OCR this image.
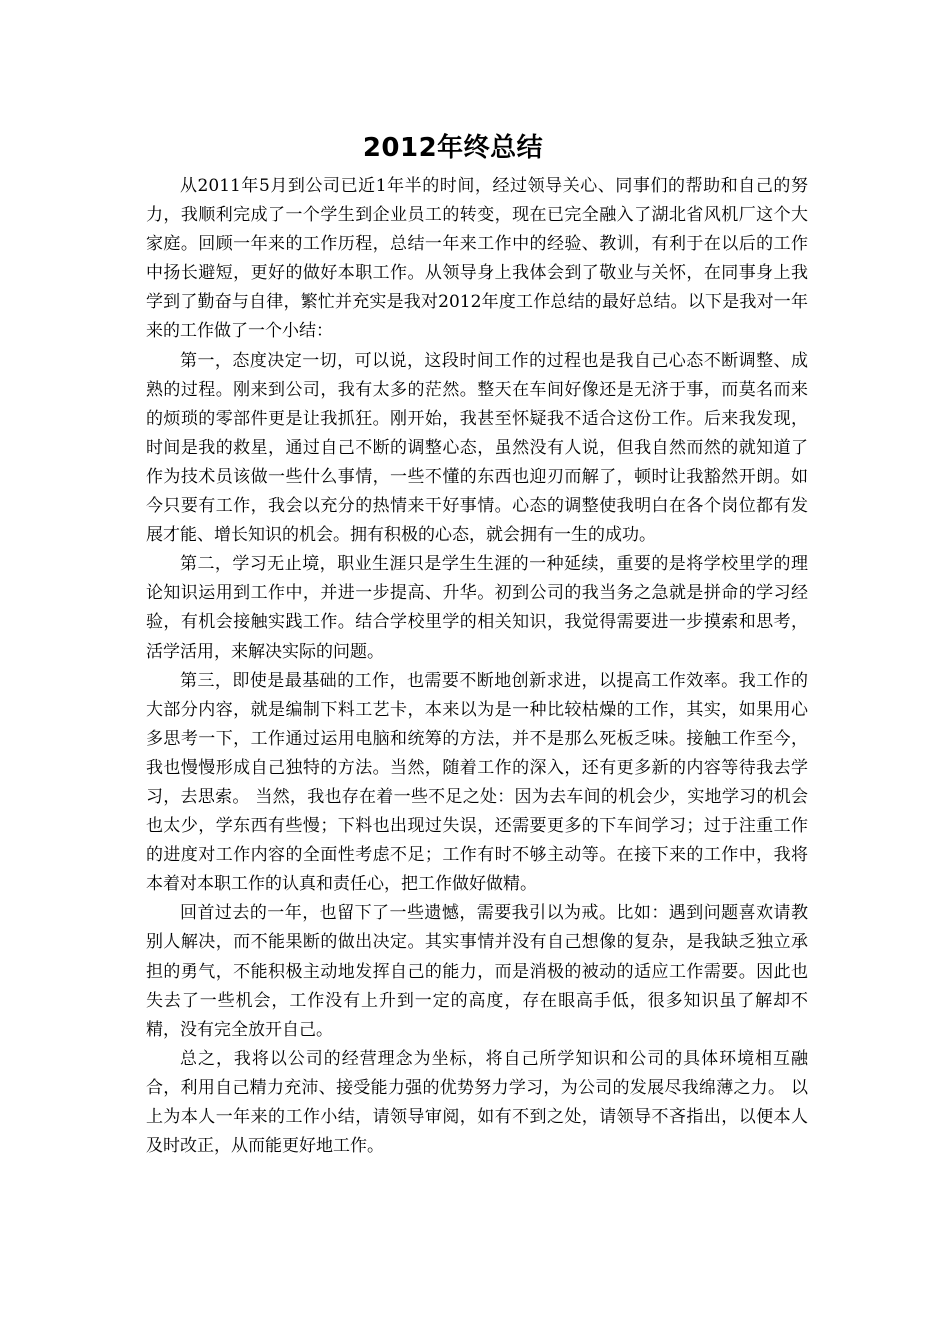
2012年终总结

从2011年5月到公司已近1年半的时间，经过领导关心、同事们的帮助和自己的努力，我顺利完成了一个学生到企业员工的转变，现在已完全融入了湖北省风机厂这个大家庭。回顾一年来的工作历程，总结一年来工作中的经验、教训，有利于在以后的工作中扬长避短，更好的做好本职工作。从领导身上我体会到了敬业与关怀，在同事身上我学到了勤奋与自律，繁忙并充实是我对2012年度工作总结的最好总结。以下是我对一年来的工作做了一个小结：

第一，态度决定一切，可以说，这段时间工作的过程也是我自己心态不断调整、成熟的过程。刚来到公司，我有太多的茫然。整天在车间好像还是无济于事，而莫名而来的烦琐的零部件更是让我抓狂。刚开始，我甚至怀疑我不适合这份工作。后来我发现，时间是我的救星，通过自己不断的调整心态，虽然没有人说，但我自然而然的就知道了作为技术员该做一些什么事情，一些不懂的东西也迎刃而解了，顿时让我豁然开朗。如今只要有工作，我会以充分的热情来干好事情。心态的调整使我明白在各个岗位都有发展才能、增长知识的机会。拥有积极的心态，就会拥有一生的成功。

第二，学习无止境，职业生涯只是学生生涯的一种延续，重要的是将学校里学的理论知识运用到工作中，并进一步提高、升华。初到公司的我当务之急就是拼命的学习经验，有机会接触实践工作。结合学校里学的相关知识，我觉得需要进一步摸索和思考，活学活用，来解决实际的问题。

第三，即使是最基础的工作，也需要不断地创新求进，以提高工作效率。我工作的大部分内容，就是编制下料工艺卡，本来以为是一种比较枯燥的工作，其实，如果用心多思考一下，工作通过运用电脑和统筹的方法，并不是那么死板乏味。接触工作至今，我也慢慢形成自己独特的方法。当然，随着工作的深入，还有更多新的内容等待我去学习，去思索。 当然，我也存在着一些不足之处：因为去车间的机会少，实地学习的机会也太少，学东西有些慢；下料也出现过失误，还需要更多的下车间学习；过于注重工作的进度对工作内容的全面性考虑不足；工作有时不够主动等。在接下来的工作中，我将本着对本职工作的认真和责任心，把工作做好做精。

回首过去的一年，也留下了一些遗憾，需要我引以为戒。比如：遇到问题喜欢请教别人解决，而不能果断的做出决定。其实事情并没有自己想像的复杂，是我缺乏独立承担的勇气，不能积极主动地发挥自己的能力，而是消极的被动的适应工作需要。因此也失去了一些机会，工作没有上升到一定的高度，存在眼高手低，很多知识虽了解却不精，没有完全放开自己。

总之，我将以公司的经营理念为坐标，将自己所学知识和公司的具体环境相互融合，利用自己精力充沛、接受能力强的优势努力学习，为公司的发展尽我绵薄之力。 以上为本人一年来的工作小结，请领导审阅，如有不到之处，请领导不吝指出，以便本人及时改正，从而能更好地工作。
